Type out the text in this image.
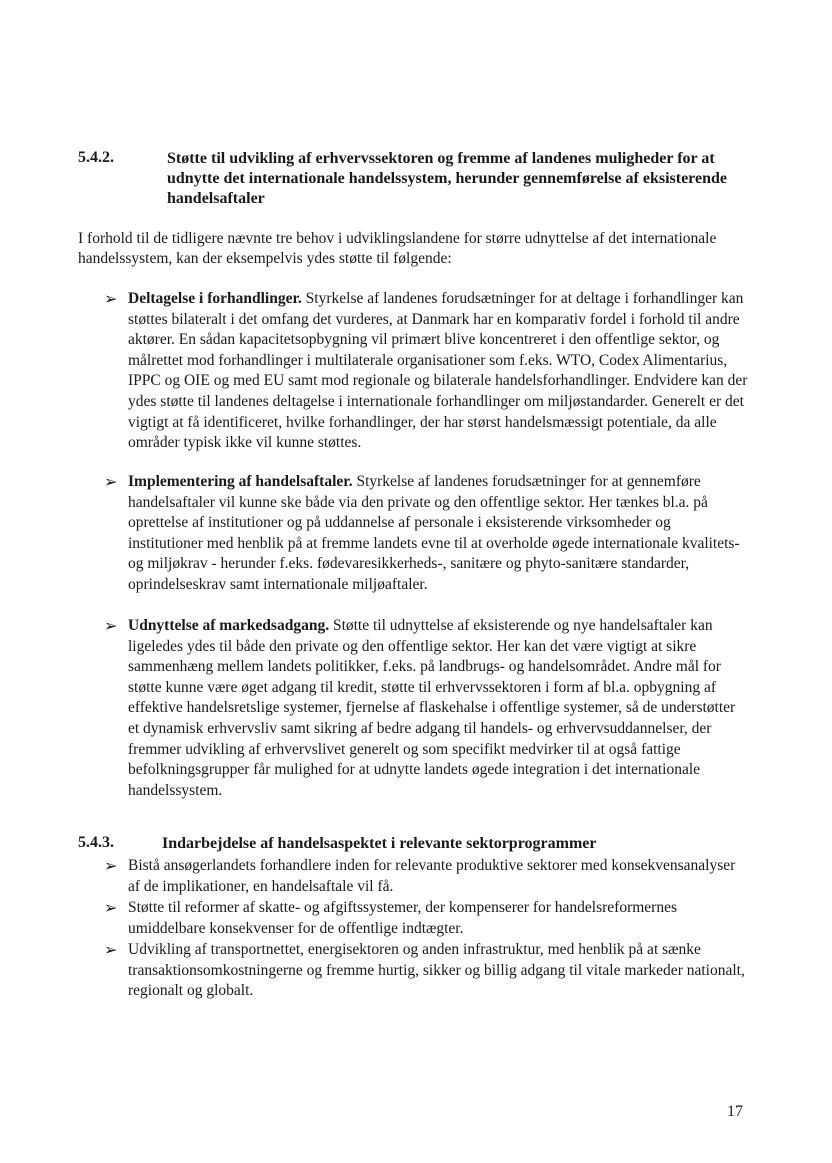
5.4.2.	Støtte til udvikling af erhvervssektoren og fremme af landenes muligheder for at udnytte det internationale handelssystem, herunder gennemførelse af eksisterende handelsaftaler
I forhold til de tidligere nævnte tre behov i udviklingslandene for større udnyttelse af det internationale handelssystem, kan der eksempelvis ydes støtte til følgende:
➢ Deltagelse i forhandlinger. Styrkelse af landenes forudsætninger for at deltage i forhandlinger kan støttes bilateralt i det omfang det vurderes, at Danmark har en komparativ fordel i forhold til andre aktører. En sådan kapacitetsopbygning vil primært blive koncentreret i den offentlige sektor, og målrettet mod forhandlinger i multilaterale organisationer som f.eks. WTO, Codex Alimentarius, IPPC og OIE og med EU samt mod regionale og bilaterale handelsforhandlinger. Endvidere kan der ydes støtte til landenes deltagelse i internationale forhandlinger om miljøstandarder. Generelt er det vigtigt at få identificeret, hvilke forhandlinger, der har størst handelsmæssigt potentiale, da alle områder typisk ikke vil kunne støttes.
➢ Implementering af handelsaftaler. Styrkelse af landenes forudsætninger for at gennemføre handelsaftaler vil kunne ske både via den private og den offentlige sektor. Her tænkes bl.a. på oprettelse af institutioner og på uddannelse af personale i eksisterende virksomheder og institutioner med henblik på at fremme landets evne til at overholde øgede internationale kvalitets- og miljøkrav - herunder f.eks. fødevaresikkerheds-, sanitære og phyto-sanitære standarder, oprindelseskrav samt internationale miljøaftaler.
➢ Udnyttelse af markedsadgang. Støtte til udnyttelse af eksisterende og nye handelsaftaler kan ligeledes ydes til både den private og den offentlige sektor. Her kan det være vigtigt at sikre sammenhæng mellem landets politikker, f.eks. på landbrugs- og handelsområdet. Andre mål for støtte kunne være øget adgang til kredit, støtte til erhvervssektoren i form af bl.a. opbygning af effektive handelsretslige systemer, fjernelse af flaskehalse i offentlige systemer, så de understøtter et dynamisk erhvervsliv samt sikring af bedre adgang til handels- og erhvervsuddannelser, der fremmer udvikling af erhvervslivet generelt og som specifikt medvirker til at også fattige befolkningsgrupper får mulighed for at udnytte landets øgede integration i det internationale handelssystem.
5.4.3.	Indarbejdelse af handelsaspektet i relevante sektorprogrammer
➢ Bistå ansøgerlandets forhandlere inden for relevante produktive sektorer med konsekvensanalyser af de implikationer, en handelsaftale vil få.
➢ Støtte til reformer af skatte- og afgiftssystemer, der kompenserer for handelsreformernes umiddelbare konsekvenser for de offentlige indtægter.
➢ Udvikling af transportnettet, energisektoren og anden infrastruktur, med henblik på at sænke transaktionsomkostningerne og fremme hurtig, sikker og billig adgang til vitale markeder nationalt, regionalt og globalt.
17
